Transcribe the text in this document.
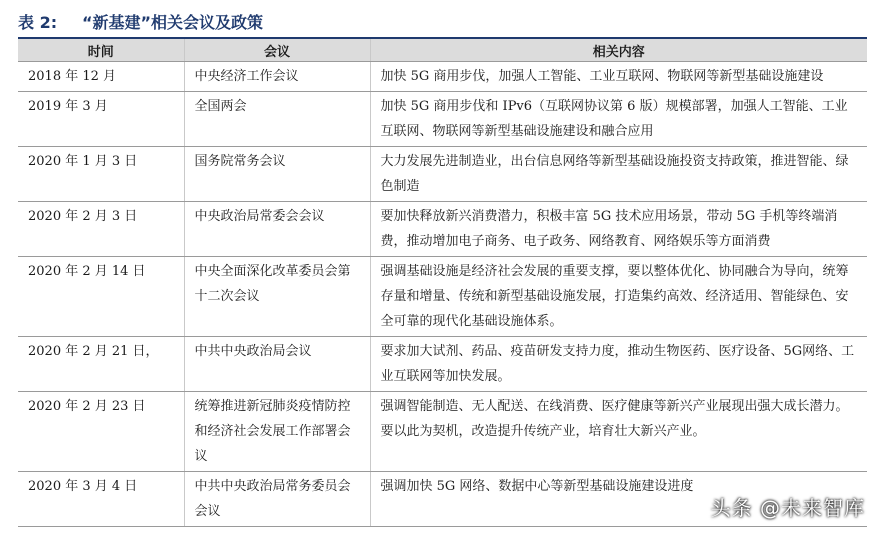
表 2:	“新基建”相关会议及政策
时间	会议	相关内容
2018 年 12 月	中央经济工作会议	加快 5G 商用步伐，加强人工智能、工业互联网、物联网等新型基础设施建设
2019 年 3 月	全国两会	加快 5G 商用步伐和 IPv6（互联网协议第 6 版）规模部署，加强人工智能、工业互联网、物联网等新型基础设施建设和融合应用
2020 年 1 月 3 日	国务院常务会议	大力发展先进制造业，出台信息网络等新型基础设施投资支持政策，推进智能、绿色制造
2020 年 2 月 3 日	中央政治局常委会会议	要加快释放新兴消费潜力，积极丰富 5G 技术应用场景，带动 5G 手机等终端消费，推动增加电子商务、电子政务、网络教育、网络娱乐等方面消费
2020 年 2 月 14 日	中央全面深化改革委员会第十二次会议	强调基础设施是经济社会发展的重要支撑，要以整体优化、协同融合为导向，统筹存量和增量、传统和新型基础设施发展，打造集约高效、经济适用、智能绿色、安全可靠的现代化基础设施体系。
2020 年 2 月 21 日，	中共中央政治局会议	要求加大试剂、药品、疫苗研发支持力度，推动生物医药、医疗设备、5G网络、工业互联网等加快发展。
2020 年 2 月 23 日	统筹推进新冠肺炎疫情防控和经济社会发展工作部署会议	强调智能制造、无人配送、在线消费、医疗健康等新兴产业展现出强大成长潜力。要以此为契机，改造提升传统产业，培育壮大新兴产业。
2020 年 3 月 4 日	中共中央政治局常务委员会会议	强调加快 5G 网络、数据中心等新型基础设施建设进度
头条 @未来智库
